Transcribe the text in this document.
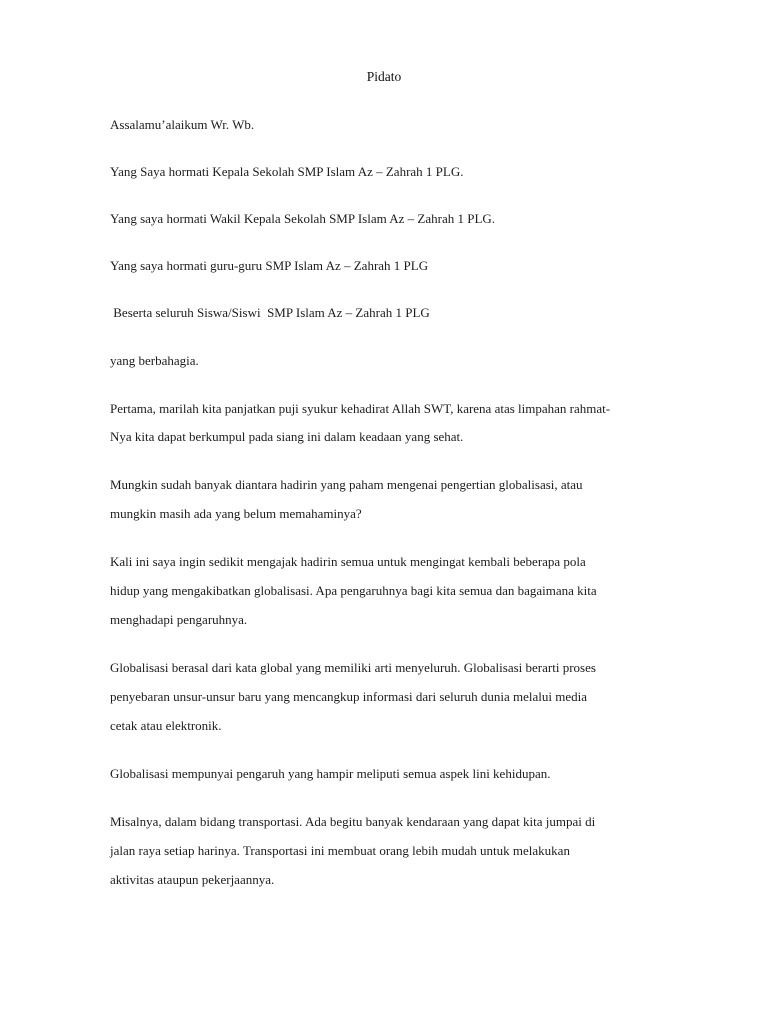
Pidato
Assalamu’alaikum Wr. Wb.
Yang Saya hormati Kepala Sekolah SMP Islam Az – Zahrah 1 PLG.
Yang saya hormati Wakil Kepala Sekolah SMP Islam Az – Zahrah 1 PLG.
Yang saya hormati guru-guru SMP Islam Az – Zahrah 1 PLG
Beserta seluruh Siswa/Siswi  SMP Islam Az – Zahrah 1 PLG
yang berbahagia.
Pertama, marilah kita panjatkan puji syukur kehadirat Allah SWT, karena atas limpahan rahmat-
Nya kita dapat berkumpul pada siang ini dalam keadaan yang sehat.
Mungkin sudah banyak diantara hadirin yang paham mengenai pengertian globalisasi, atau
mungkin masih ada yang belum memahaminya?
Kali ini saya ingin sedikit mengajak hadirin semua untuk mengingat kembali beberapa pola
hidup yang mengakibatkan globalisasi. Apa pengaruhnya bagi kita semua dan bagaimana kita
menghadapi pengaruhnya.
Globalisasi berasal dari kata global yang memiliki arti menyeluruh. Globalisasi berarti proses
penyebaran unsur-unsur baru yang mencangkup informasi dari seluruh dunia melalui media
cetak atau elektronik.
Globalisasi mempunyai pengaruh yang hampir meliputi semua aspek lini kehidupan.
Misalnya, dalam bidang transportasi. Ada begitu banyak kendaraan yang dapat kita jumpai di
jalan raya setiap harinya. Transportasi ini membuat orang lebih mudah untuk melakukan
aktivitas ataupun pekerjaannya.
